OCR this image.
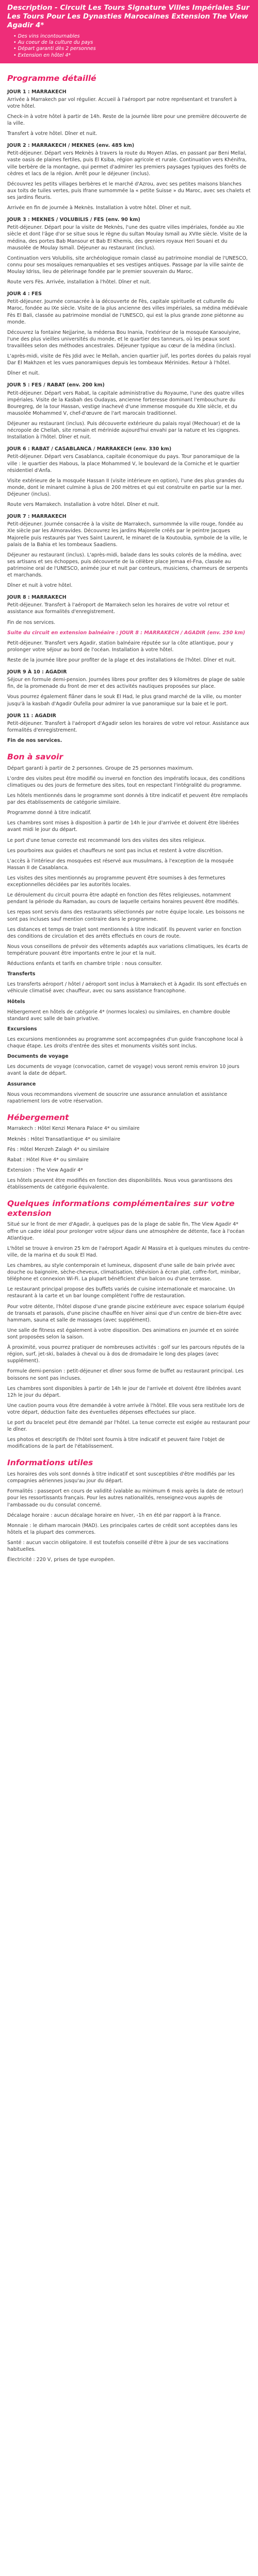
Description - Circuit Les Tours Signature Villes Impériales Sur Les Tours Pour Les Dynasties Marocaines Extension The View Agadir 4*
• Des vins incontournables
• Au coeur de la culture du pays
• Départ garanti dès 2 personnes
• Extension en hôtel 4*
Programme détaillé
JOUR 1 : MARRAKECH

Arrivée à Marrakech par vol régulier. Accueil à l'aéroport par notre représentant et transfert à votre hôtel.

Check-in à votre hôtel à partir de 14h. Reste de la journée libre pour une première découverte de la ville.

Transfert à votre hôtel. Dîner et nuit.

JOUR 2 : MARRAKECH / MEKNES (env. 485 km)

Petit-déjeuner. Départ vers Meknès à travers la route du Moyen Atlas, en passant par Beni Mellal, vaste oasis de plaines fertiles, puis El Ksiba, région agricole et rurale. Continuation vers Khénifra, ville berbère de la montagne, qui permet d'admirer les premiers paysages typiques des forêts de cèdres et lacs de la région. Arrêt pour le déjeuner (inclus).

Découvrez les petits villages berbères et le marché d'Azrou, avec ses petites maisons blanches aux toits de tuiles vertes, puis Ifrane surnommée la « petite Suisse » du Maroc, avec ses chalets et ses jardins fleuris.

Arrivée en fin de journée à Meknès. Installation à votre hôtel. Dîner et nuit.

JOUR 3 : MEKNES / VOLUBILIS / FES (env. 90 km)

Petit-déjeuner. Départ pour la visite de Meknès, l'une des quatre villes impériales, fondée au XIe siècle et dont l'âge d'or se situe sous le règne du sultan Moulay Ismaïl au XVIIe siècle. Visite de la médina, des portes Bab Mansour et Bab El Khemis, des greniers royaux Heri Souani et du mausolée de Moulay Ismaïl. Déjeuner au restaurant (inclus).

Continuation vers Volubilis, site archéologique romain classé au patrimoine mondial de l'UNESCO, connu pour ses mosaïques remarquables et ses vestiges antiques. Passage par la ville sainte de Moulay Idriss, lieu de pèlerinage fondée par le premier souverain du Maroc.

Route vers Fès. Arrivée, installation à l'hôtel. Dîner et nuit.

JOUR 4 : FES

Petit-déjeuner. Journée consacrée à la découverte de Fès, capitale spirituelle et culturelle du Maroc, fondée au IXe siècle. Visite de la plus ancienne des villes impériales, sa médina médiévale Fès El Bali, classée au patrimoine mondial de l'UNESCO, qui est la plus grande zone piétonne au monde.

Découvrez la fontaine Nejjarine, la médersa Bou Inania, l'extérieur de la mosquée Karaouiyine, l'une des plus vieilles universités du monde, et le quartier des tanneurs, où les peaux sont travaillées selon des méthodes ancestrales. Déjeuner typique au cœur de la médina (inclus).

L'après-midi, visite de Fès Jdid avec le Mellah, ancien quartier juif, les portes dorées du palais royal Dar El Makhzen et les vues panoramiques depuis les tombeaux Mérinides. Retour à l'hôtel.

Dîner et nuit.

JOUR 5 : FES / RABAT (env. 200 km)

Petit-déjeuner. Départ vers Rabat, la capitale administrative du Royaume, l'une des quatre villes impériales. Visite de la Kasbah des Oudayas, ancienne forteresse dominant l'embouchure du Bouregreg, de la tour Hassan, vestige inachevé d'une immense mosquée du XIIe siècle, et du mausolée Mohammed V, chef-d'œuvre de l'art marocain traditionnel.

Déjeuner au restaurant (inclus). Puis découverte extérieure du palais royal (Mechouar) et de la nécropole de Chellah, site romain et mérinide aujourd'hui envahi par la nature et les cigognes. Installation à l'hôtel. Dîner et nuit.

JOUR 6 : RABAT / CASABLANCA / MARRAKECH (env. 330 km)

Petit-déjeuner. Départ vers Casablanca, capitale économique du pays. Tour panoramique de la ville : le quartier des Habous, la place Mohammed V, le boulevard de la Corniche et le quartier résidentiel d'Anfa.

Visite extérieure de la mosquée Hassan II (visite intérieure en option), l'une des plus grandes du monde, dont le minaret culmine à plus de 200 mètres et qui est construite en partie sur la mer. Déjeuner (inclus).

Route vers Marrakech. Installation à votre hôtel. Dîner et nuit.

JOUR 7 : MARRAKECH

Petit-déjeuner. Journée consacrée à la visite de Marrakech, surnommée la ville rouge, fondée au XIe siècle par les Almoravides. Découvrez les jardins Majorelle créés par le peintre Jacques Majorelle puis restaurés par Yves Saint Laurent, le minaret de la Koutoubia, symbole de la ville, le palais de la Bahia et les tombeaux Saadiens.

Déjeuner au restaurant (inclus). L'après-midi, balade dans les souks colorés de la médina, avec ses artisans et ses échoppes, puis découverte de la célèbre place Jemaa el-Fna, classée au patrimoine oral de l'UNESCO, animée jour et nuit par conteurs, musiciens, charmeurs de serpents et marchands.

Dîner et nuit à votre hôtel.

JOUR 8 : MARRAKECH

Petit-déjeuner. Transfert à l'aéroport de Marrakech selon les horaires de votre vol retour et assistance aux formalités d'enregistrement.

Fin de nos services.

Suite du circuit en extension balnéaire : JOUR 8 : MARRAKECH / AGADIR (env. 250 km)

Petit-déjeuner. Transfert vers Agadir, station balnéaire réputée sur la côte atlantique, pour y prolonger votre séjour au bord de l'océan. Installation à votre hôtel.

Reste de la journée libre pour profiter de la plage et des installations de l'hôtel. Dîner et nuit.

JOUR 9 À 10 : AGADIR

Séjour en formule demi-pension. Journées libres pour profiter des 9 kilomètres de plage de sable fin, de la promenade du front de mer et des activités nautiques proposées sur place.

Vous pourrez également flâner dans le souk El Had, le plus grand marché de la ville, ou monter jusqu'à la kasbah d'Agadir Oufella pour admirer la vue panoramique sur la baie et le port.

JOUR 11 : AGADIR

Petit-déjeuner. Transfert à l'aéroport d'Agadir selon les horaires de votre vol retour. Assistance aux formalités d'enregistrement.

Fin de nos services.

Bon à savoir

Départ garanti à partir de 2 personnes. Groupe de 25 personnes maximum.

L'ordre des visites peut être modifié ou inversé en fonction des impératifs locaux, des conditions climatiques ou des jours de fermeture des sites, tout en respectant l'intégralité du programme.

Les hôtels mentionnés dans le programme sont donnés à titre indicatif et peuvent être remplacés par des établissements de catégorie similaire.

Programme donné à titre indicatif.

Les chambres sont mises à disposition à partir de 14h le jour d'arrivée et doivent être libérées avant midi le jour du départ.

Le port d'une tenue correcte est recommandé lors des visites des sites religieux.

Les pourboires aux guides et chauffeurs ne sont pas inclus et restent à votre discrétion.

L'accès à l'intérieur des mosquées est réservé aux musulmans, à l'exception de la mosquée Hassan II de Casablanca.

Les visites des sites mentionnés au programme peuvent être soumises à des fermetures exceptionnelles décidées par les autorités locales.

Le déroulement du circuit pourra être adapté en fonction des fêtes religieuses, notamment pendant la période du Ramadan, au cours de laquelle certains horaires peuvent être modifiés.

Les repas sont servis dans des restaurants sélectionnés par notre équipe locale. Les boissons ne sont pas incluses sauf mention contraire dans le programme.

Les distances et temps de trajet sont mentionnés à titre indicatif. Ils peuvent varier en fonction des conditions de circulation et des arrêts effectués en cours de route.

Nous vous conseillons de prévoir des vêtements adaptés aux variations climatiques, les écarts de température pouvant être importants entre le jour et la nuit.

Réductions enfants et tarifs en chambre triple : nous consulter.

Transferts

Les transferts aéroport / hôtel / aéroport sont inclus à Marrakech et à Agadir. Ils sont effectués en véhicule climatisé avec chauffeur, avec ou sans assistance francophone.

Hôtels

Hébergement en hôtels de catégorie 4* (normes locales) ou similaires, en chambre double standard avec salle de bain privative.

Excursions

Les excursions mentionnées au programme sont accompagnées d'un guide francophone local à chaque étape. Les droits d'entrée des sites et monuments visités sont inclus.

Documents de voyage

Les documents de voyage (convocation, carnet de voyage) vous seront remis environ 10 jours avant la date de départ.

Assurance

Nous vous recommandons vivement de souscrire une assurance annulation et assistance rapatriement lors de votre réservation.

Hébergement

Marrakech : Hôtel Kenzi Menara Palace 4* ou similaire

Meknès : Hôtel Transatlantique 4* ou similaire

Fès : Hôtel Menzeh Zalagh 4* ou similaire

Rabat : Hôtel Rive 4* ou similaire

Extension : The View Agadir 4*

Les hôtels peuvent être modifiés en fonction des disponibilités. Nous vous garantissons des établissements de catégorie équivalente.

Quelques informations complémentaires sur votre extension

Situé sur le front de mer d'Agadir, à quelques pas de la plage de sable fin, The View Agadir 4* offre un cadre idéal pour prolonger votre séjour dans une atmosphère de détente, face à l'océan Atlantique.

L'hôtel se trouve à environ 25 km de l'aéroport Agadir Al Massira et à quelques minutes du centre-ville, de la marina et du souk El Had.

Les chambres, au style contemporain et lumineux, disposent d'une salle de bain privée avec douche ou baignoire, sèche-cheveux, climatisation, télévision à écran plat, coffre-fort, minibar, téléphone et connexion Wi-Fi. La plupart bénéficient d'un balcon ou d'une terrasse.

Le restaurant principal propose des buffets variés de cuisine internationale et marocaine. Un restaurant à la carte et un bar lounge complètent l'offre de restauration.

Pour votre détente, l'hôtel dispose d'une grande piscine extérieure avec espace solarium équipé de transats et parasols, d'une piscine chauffée en hiver ainsi que d'un centre de bien-être avec hammam, sauna et salle de massages (avec supplément).

Une salle de fitness est également à votre disposition. Des animations en journée et en soirée sont proposées selon la saison.

À proximité, vous pourrez pratiquer de nombreuses activités : golf sur les parcours réputés de la région, surf, jet-ski, balades à cheval ou à dos de dromadaire le long des plages (avec supplément).

Formule demi-pension : petit-déjeuner et dîner sous forme de buffet au restaurant principal. Les boissons ne sont pas incluses.

Les chambres sont disponibles à partir de 14h le jour de l'arrivée et doivent être libérées avant 12h le jour du départ.

Une caution pourra vous être demandée à votre arrivée à l'hôtel. Elle vous sera restituée lors de votre départ, déduction faite des éventuelles dépenses effectuées sur place.

Le port du bracelet peut être demandé par l'hôtel. La tenue correcte est exigée au restaurant pour le dîner.

Les photos et descriptifs de l'hôtel sont fournis à titre indicatif et peuvent faire l'objet de modifications de la part de l'établissement.

Informations utiles

Les horaires des vols sont donnés à titre indicatif et sont susceptibles d'être modifiés par les compagnies aériennes jusqu'au jour du départ.

Formalités : passeport en cours de validité (valable au minimum 6 mois après la date de retour) pour les ressortissants français. Pour les autres nationalités, renseignez-vous auprès de l'ambassade ou du consulat concerné.

Décalage horaire : aucun décalage horaire en hiver, -1h en été par rapport à la France.

Monnaie : le dirham marocain (MAD). Les principales cartes de crédit sont acceptées dans les hôtels et la plupart des commerces.

Santé : aucun vaccin obligatoire. Il est toutefois conseillé d'être à jour de ses vaccinations habituelles.

Électricité : 220 V, prises de type européen.
